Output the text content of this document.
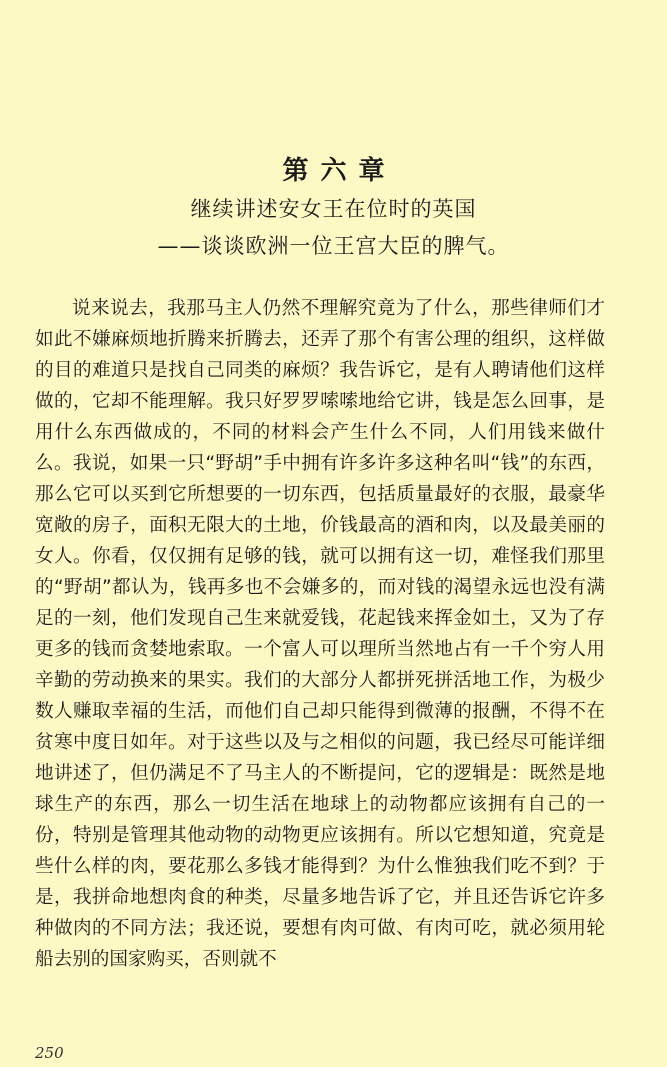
第六章
继续讲述安女王在位时的英国
——谈谈欧洲一位王宫大臣的脾气。

说来说去，我那马主人仍然不理解究竟为了什么，那些律师们才如此不嫌麻烦地折腾来折腾去，还弄了那个有害公理的组织，这样做的目的难道只是找自己同类的麻烦？我告诉它，是有人聘请他们这样做的，它却不能理解。我只好罗罗嗦嗦地给它讲，钱是怎么回事，是用什么东西做成的，不同的材料会产生什么不同，人们用钱来做什么。我说，如果一只“野胡”手中拥有许多许多这种名叫“钱”的东西，那么它可以买到它所想要的一切东西，包括质量最好的衣服，最豪华宽敞的房子，面积无限大的土地，价钱最高的酒和肉，以及最美丽的女人。你看，仅仅拥有足够的钱，就可以拥有这一切，难怪我们那里的“野胡”都认为，钱再多也不会嫌多的，而对钱的渴望永远也没有满足的一刻，他们发现自己生来就爱钱，花起钱来挥金如土，又为了存更多的钱而贪婪地索取。一个富人可以理所当然地占有一千个穷人用辛勤的劳动换来的果实。我们的大部分人都拼死拼活地工作，为极少数人赚取幸福的生活，而他们自己却只能得到微薄的报酬，不得不在贫寒中度日如年。对于这些以及与之相似的问题，我已经尽可能详细地讲述了，但仍满足不了马主人的不断提问，它的逻辑是：既然是地球生产的东西，那么一切生活在地球上的动物都应该拥有自己的一份，特别是管理其他动物的动物更应该拥有。所以它想知道，究竟是些什么样的肉，要花那么多钱才能得到？为什么惟独我们吃不到？于是，我拼命地想肉食的种类，尽量多地告诉了它，并且还告诉它许多种做肉的不同方法；我还说，要想有肉可做、有肉可吃，就必须用轮船去别的国家购买，否则就不

250
